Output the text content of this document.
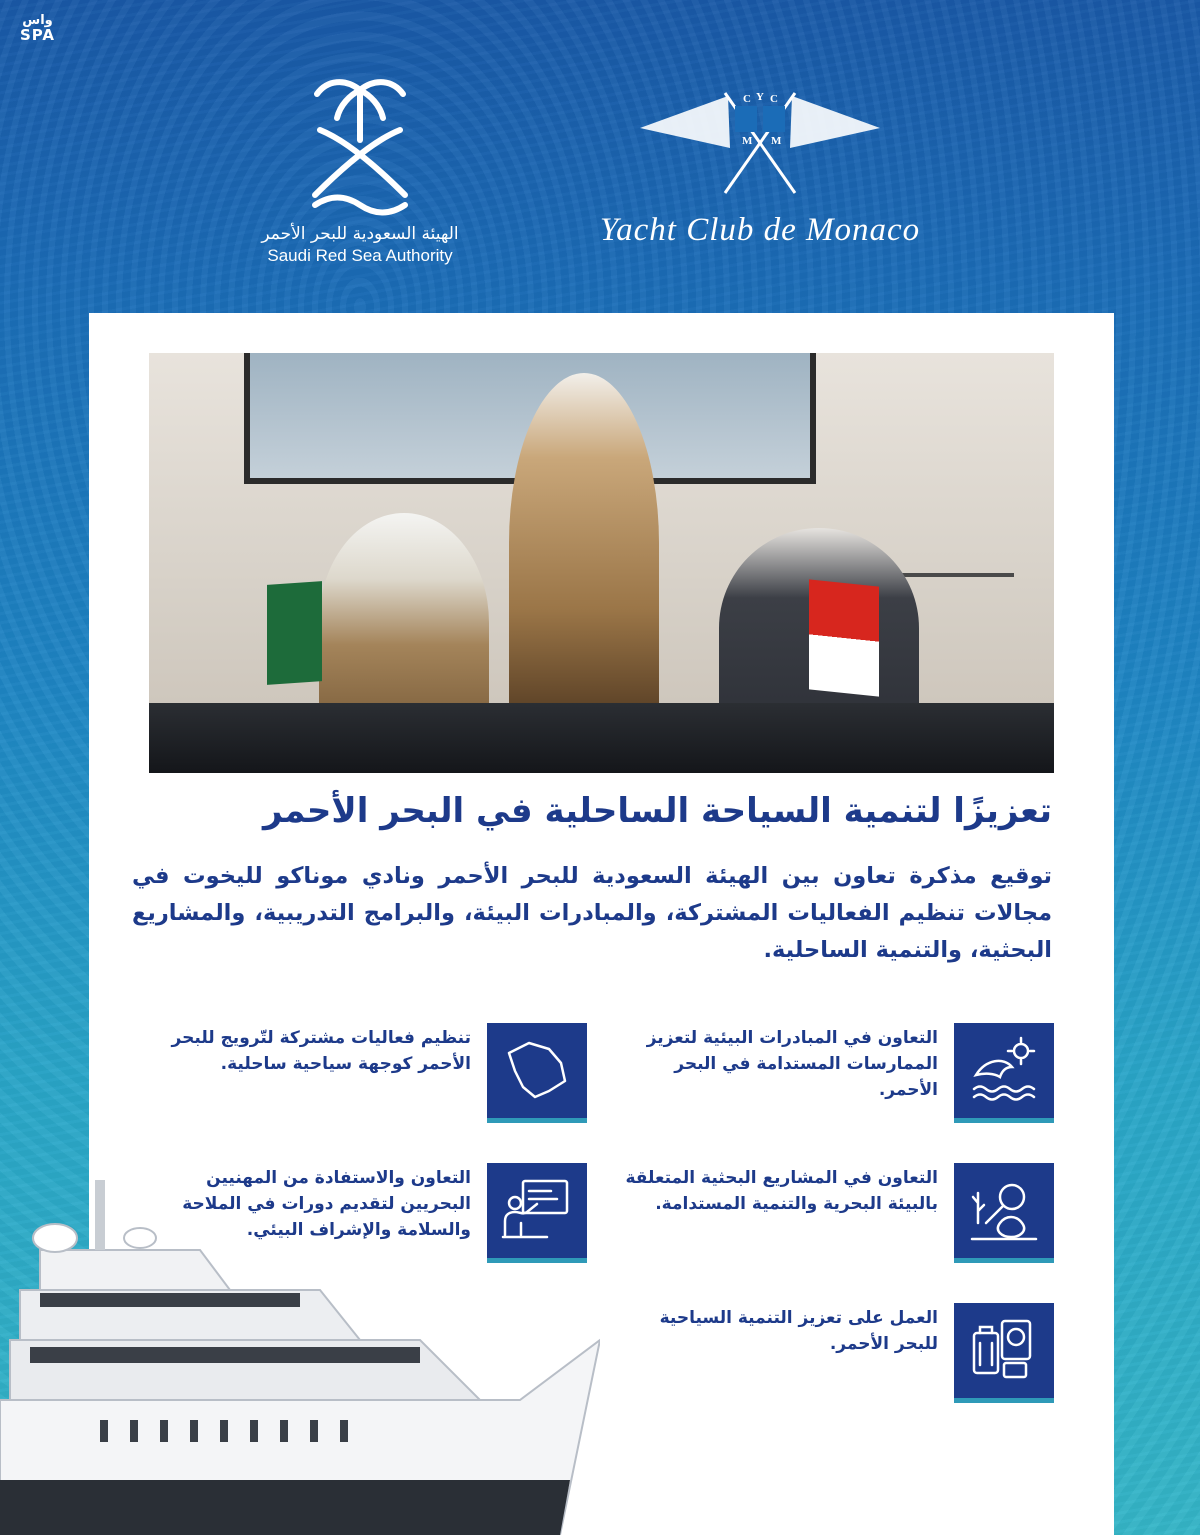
واس
SPA
الهيئة السعودية للبحر الأحمر
Saudi Red Sea Authority
C Y
M
C
M
Yacht Club de Monaco
تعزيزًا لتنمية السياحة الساحلية في البحر الأحمر
توقيع مذكرة تعاون بين الهيئة السعودية للبحر الأحمر ونادي موناكو لليخوت في مجالات تنظيم الفعاليات المشتركة، والمبادرات البيئة، والبرامج التدريبية، والمشاريع البحثية، والتنمية الساحلية.
التعاون في المبادرات البيئية لتعزيز الممارسات المستدامة في البحر الأحمر.
التعاون في المشاريع البحثية المتعلقة بالبيئة البحرية والتنمية المستدامة.
العمل على تعزيز التنمية السياحية للبحر الأحمر.
تنظيم فعاليات مشتركة لتّرويج للبحر الأحمر كوجهة سياحية ساحلية.
التعاون والاستفادة من المهنيين البحريين لتقديم دورات في الملاحة والسلامة والإشراف البيئي.
